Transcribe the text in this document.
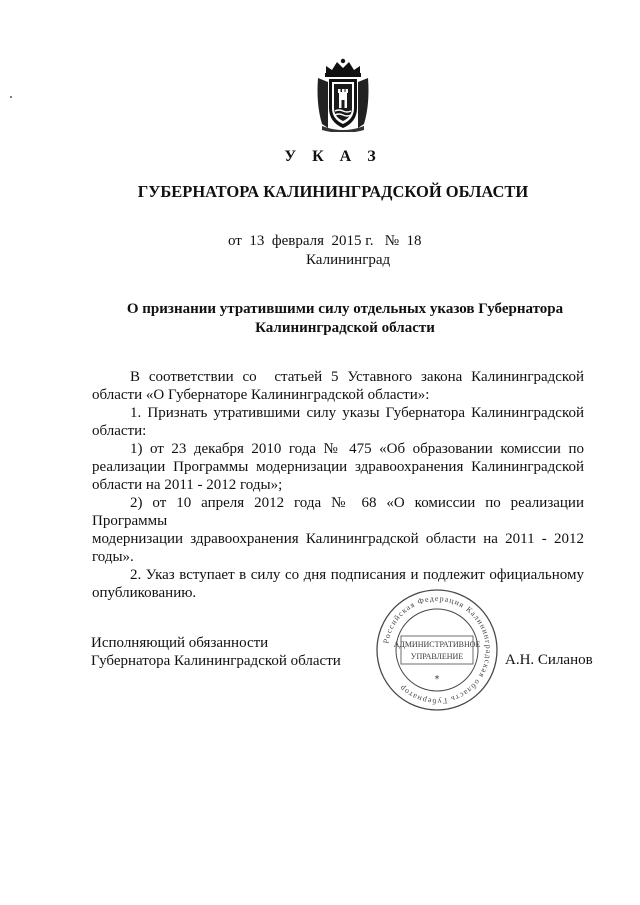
У К А З
ГУБЕРНАТОРА КАЛИНИНГРАДСКОЙ ОБЛАСТИ
от  13  февраля  2015 г.   №  18
Калининград

О признании утратившими силу отдельных указов Губернатора

Калининградской области

В  соответствии  со    статьей  5  Уставного  закона  Калининградской

области «О Губернаторе Калининградской области»:

1. Признать утратившими силу указы Губернатора Калининградской

области:

1) от 23 декабря 2010 года № 475 «Об образовании комиссии по

реализации Программы модернизации здравоохранения Калининградской

области на 2011 - 2012 годы»;

2) от 10 апреля 2012 года № 68 «О комиссии по реализации Программы

модернизации здравоохранения Калининградской области на 2011 - 2012

годы».

2. Указ вступает в силу со дня подписания и подлежит официальному

опубликованию.

Исполняющий обязанности
Губернатора Калининградской области
Российская Федерация Калининградская область Губернатор
АДМИНИСТРАТИВНОЕ
УПРАВЛЕНИЕ
*
А.Н. Силанов
